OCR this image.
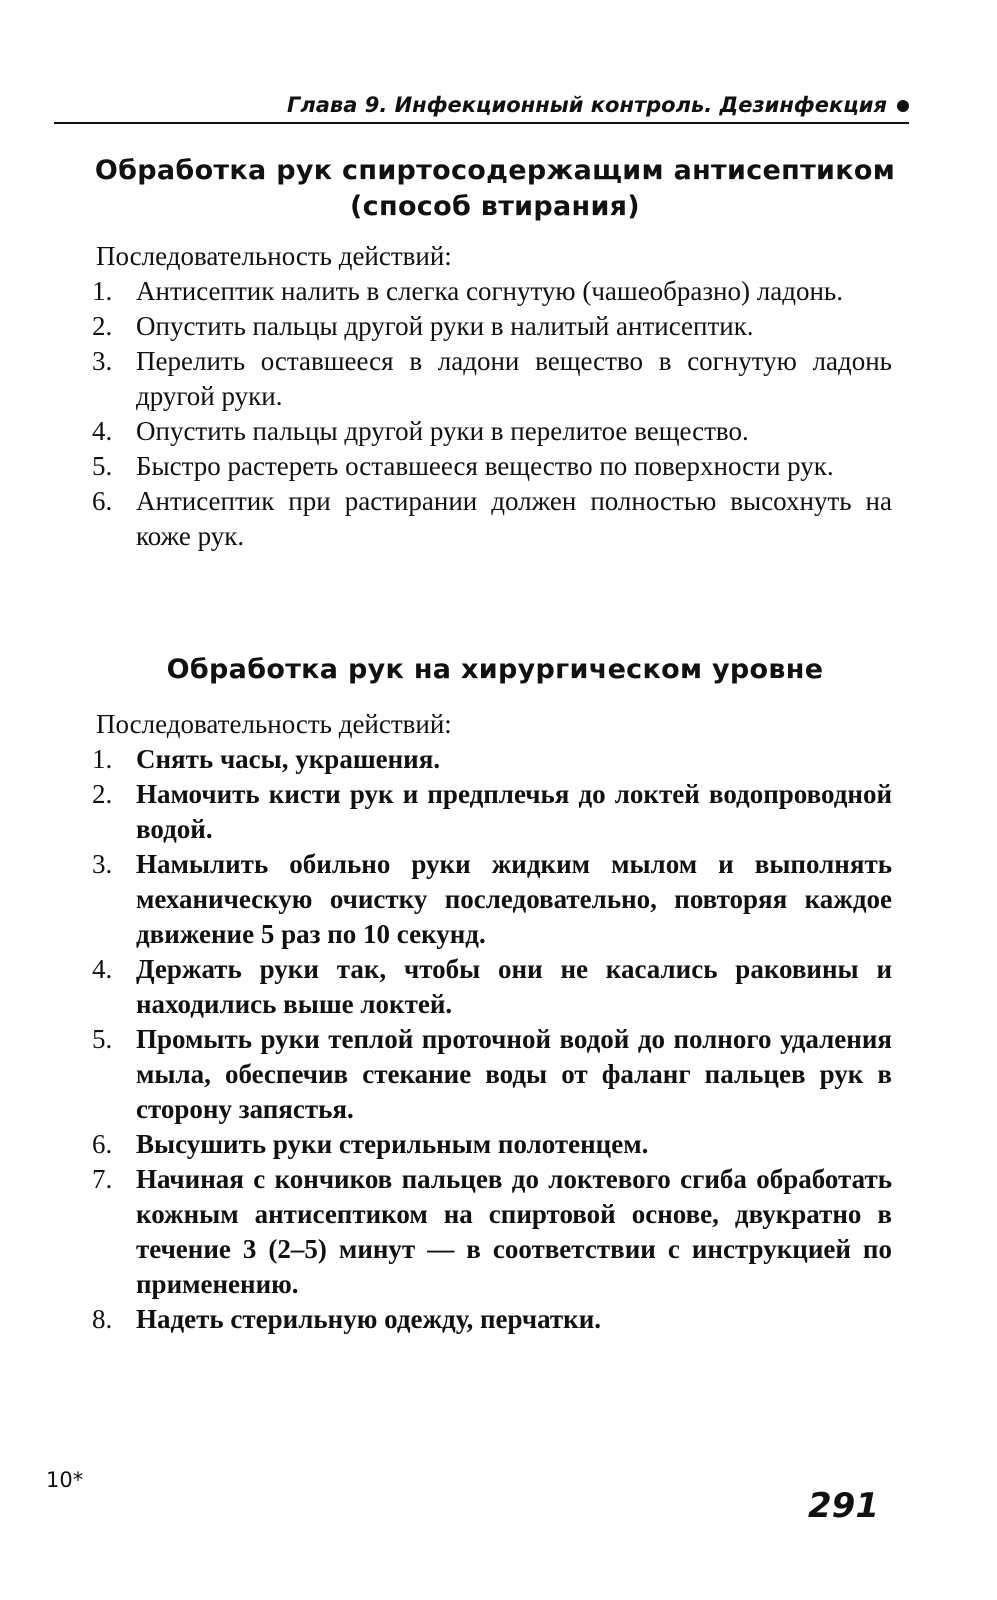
Глава 9. Инфекционный контроль. Дезинфекция
Обработка рук спиртосодержащим антисептиком (способ втирания)
Последовательность действий:
1. Антисептик налить в слегка согнутую (чашеобразно) ладонь.
2. Опустить пальцы другой руки в налитый антисептик.
3. Перелить оставшееся в ладони вещество в согнутую ладонь другой руки.
4. Опустить пальцы другой руки в перелитое вещество.
5. Быстро растереть оставшееся вещество по поверхности рук.
6. Антисептик при растирании должен полностью высохнуть на коже рук.
Обработка рук на хирургическом уровне
Последовательность действий:
1. Снять часы, украшения.
2. Намочить кисти рук и предплечья до локтей водопроводной водой.
3. Намылить обильно руки жидким мылом и выполнять механическую очистку последовательно, повторяя каждое движение 5 раз по 10 секунд.
4. Держать руки так, чтобы они не касались раковины и находились выше локтей.
5. Промыть руки теплой проточной водой до полного удаления мыла, обеспечив стекание воды от фаланг пальцев рук в сторону запястья.
6. Высушить руки стерильным полотенцем.
7. Начиная с кончиков пальцев до локтевого сгиба обработать кожным антисептиком на спиртовой основе, двукратно в течение 3 (2–5) минут — в соответствии с инструкцией по применению.
8. Надеть стерильную одежду, перчатки.
10*
291
